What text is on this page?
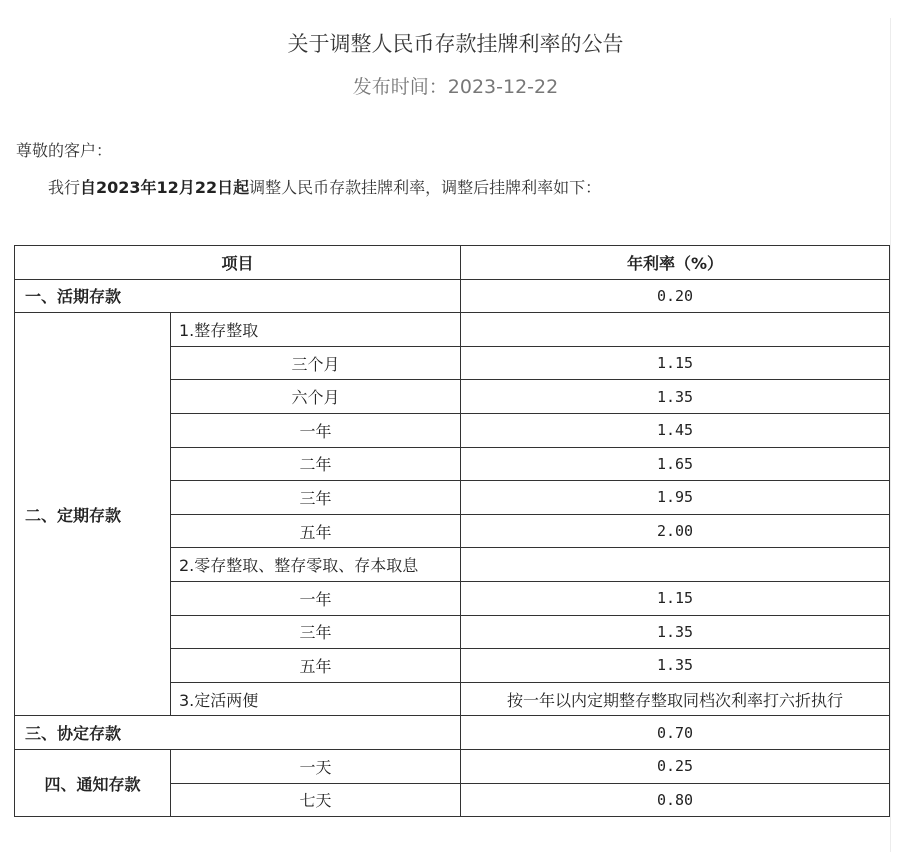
关于调整人民币存款挂牌利率的公告
发布时间：2023-12-22
尊敬的客户：
我行自2023年12月22日起调整人民币存款挂牌利率，调整后挂牌利率如下：
项目		年利率（%）
一、活期存款		0.20
二、定期存款	1.整存整取	
	三个月	1.15
	六个月	1.35
	一年	1.45
	二年	1.65
	三年	1.95
	五年	2.00
	2.零存整取、整存零取、存本取息	
	一年	1.15
	三年	1.35
	五年	1.35
	3.定活两便	按一年以内定期整存整取同档次利率打六折执行
三、协定存款		0.70
四、通知存款	一天	0.25
	七天	0.80
